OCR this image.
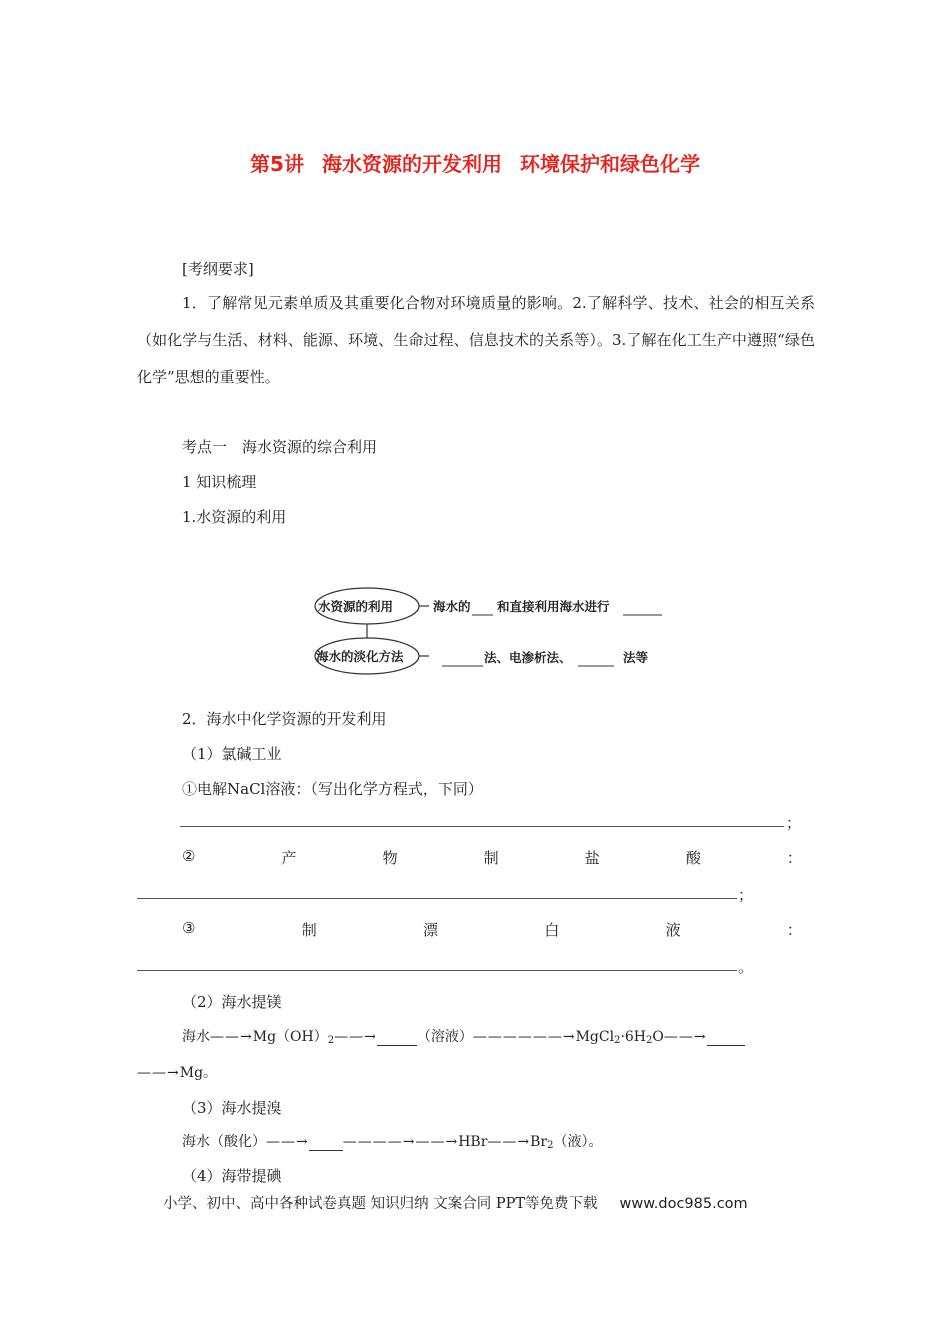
第5讲 海水资源的开发利用 环境保护和绿色化学
[考纲要求]
1．了解常见元素单质及其重要化合物对环境质量的影响。2.了解科学、技术、社会的相互关系（如化学与生活、材料、能源、环境、生命过程、信息技术的关系等）。3.了解在化工生产中遵照“绿色化学”思想的重要性。
考点一　海水资源的综合利用
1 知识梳理
1.水资源的利用
水资源的利用	海水的 和直接利用海水进行
海水的淡化方法	法、电渗析法、	法等
2．海水中化学资源的开发利用
（1）氯碱工业
①电解NaCl溶液：（写出化学方程式，下同）
；
②	产	物	制	盐	酸	：
；
③	制	漂	白	液	：
。
（2）海水提镁
海水$——\to Mg(OH)_2——\to$	（溶液）$——————\to MgCl_2\cdot 6H_2O——\to$
——→Mg。
（3）海水提溴
海水（酸化）——→ $————\to——\to HBr——\to Br_2$（液）。
（4）海带提碘
小学、初中、高中各种试卷真题 知识归纳 文案合同 PPT等免费下载 www.doc985.com
